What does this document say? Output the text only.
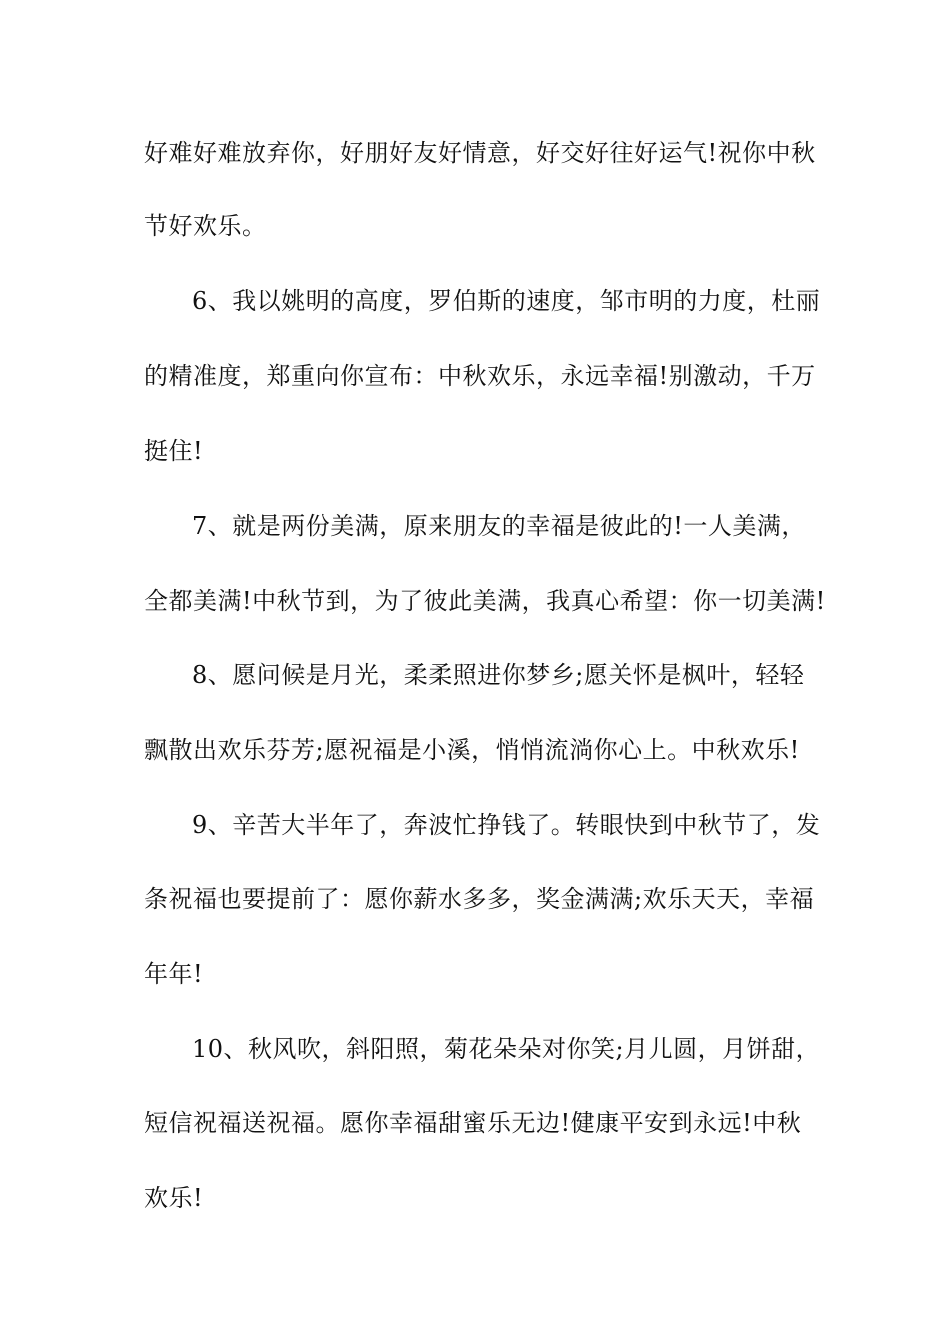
好难好难放弃你，好朋好友好情意，好交好往好运气!祝你中秋
节好欢乐。
6、我以姚明的高度，罗伯斯的速度，邹市明的力度，杜丽
的精准度，郑重向你宣布：中秋欢乐，永远幸福!别激动，千万
挺住!
7、就是两份美满，原来朋友的幸福是彼此的!一人美满，
全都美满!中秋节到，为了彼此美满，我真心希望：你一切美满!
8、愿问候是月光，柔柔照进你梦乡;愿关怀是枫叶，轻轻
飘散出欢乐芬芳;愿祝福是小溪，悄悄流淌你心上。中秋欢乐!
9、辛苦大半年了，奔波忙挣钱了。转眼快到中秋节了，发
条祝福也要提前了：愿你薪水多多，奖金满满;欢乐天天，幸福
年年!
10、秋风吹，斜阳照，菊花朵朵对你笑;月儿圆，月饼甜，
短信祝福送祝福。愿你幸福甜蜜乐无边!健康平安到永远!中秋
欢乐!
